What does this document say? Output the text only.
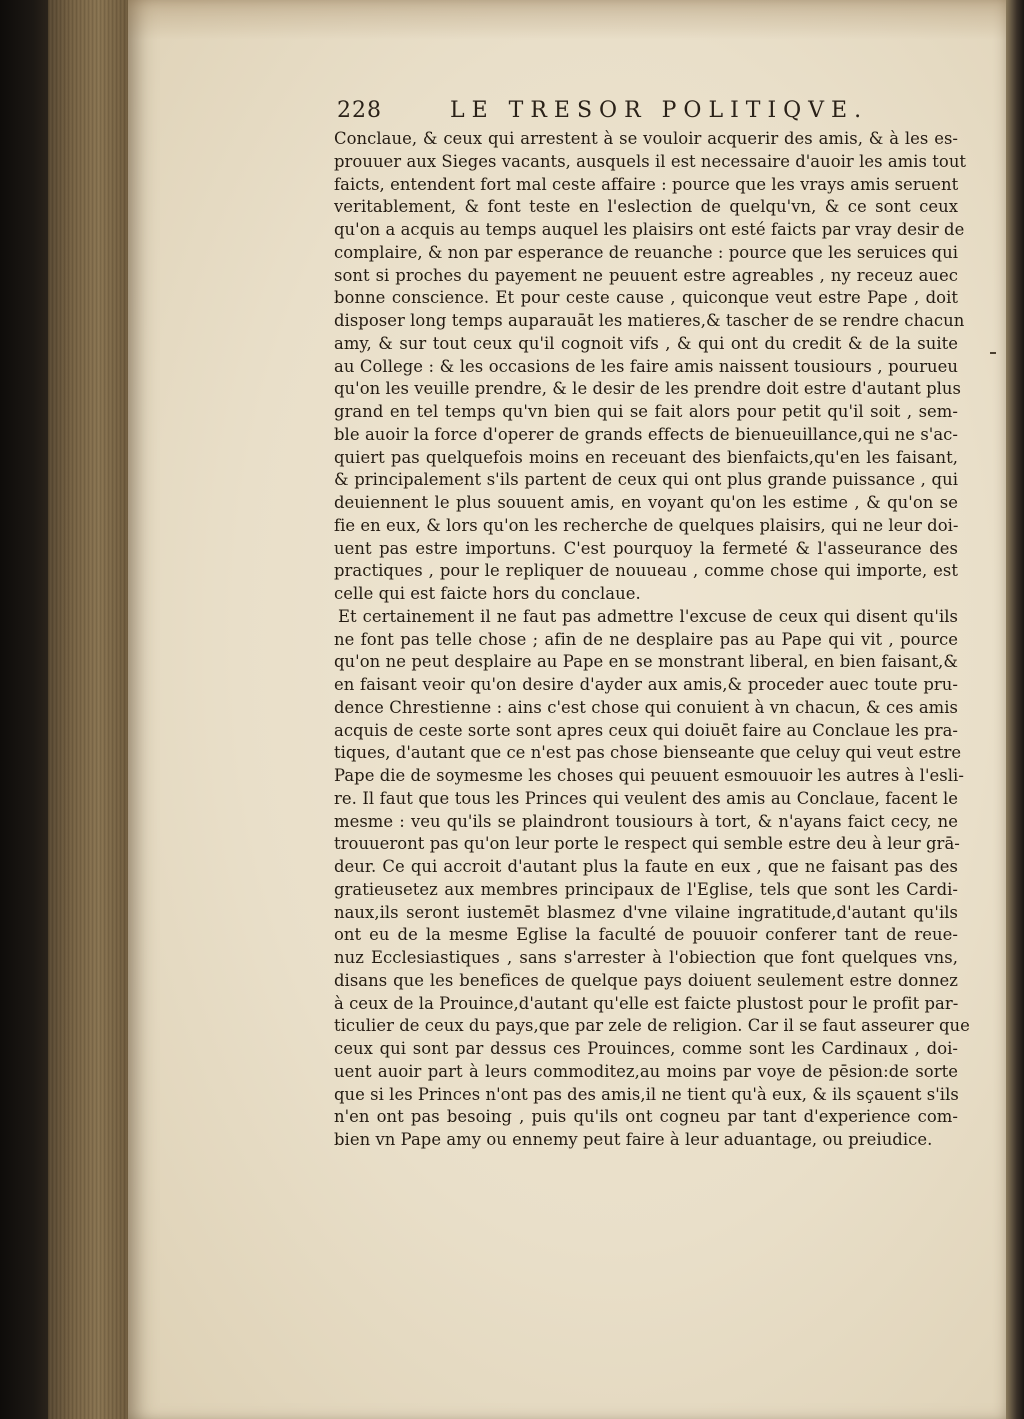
228	LE TRESOR POLITIQVE.
Conclaue, & ceux qui arrestent à se vouloir acquerir des amis, & à les es-
prouuer aux Sieges vacants, ausquels il est necessaire d'auoir les amis tout
faicts, entendent fort mal ceste affaire : pource que les vrays amis seruent
veritablement, & font teste en l'eslection de quelqu'vn, & ce sont ceux
qu'on a acquis au temps auquel les plaisirs ont esté faicts par vray desir de
complaire, & non par esperance de reuanche : pource que les seruices qui
sont si proches du payement ne peuuent estre agreables , ny receuz auec
bonne conscience. Et pour ceste cause , quiconque veut estre Pape , doit
disposer long temps auparauāt les matieres,& tascher de se rendre chacun
amy, & sur tout ceux qu'il cognoit vifs , & qui ont du credit & de la suite
au College : & les occasions de les faire amis naissent tousiours , pourueu
qu'on les veuille prendre, & le desir de les prendre doit estre d'autant plus
grand en tel temps qu'vn bien qui se fait alors pour petit qu'il soit , sem-
ble auoir la force d'operer de grands effects de bienueuillance,qui ne s'ac-
quiert pas quelquefois moins en receuant des bienfaicts,qu'en les faisant,
& principalement s'ils partent de ceux qui ont plus grande puissance , qui
deuiennent le plus souuent amis, en voyant qu'on les estime , & qu'on se
fie en eux, & lors qu'on les recherche de quelques plaisirs, qui ne leur doi-
uent pas estre importuns. C'est pourquoy la fermeté & l'asseurance des
practiques , pour le repliquer de nouueau , comme chose qui importe, est
celle qui est faicte hors du conclaue.
Et certainement il ne faut pas admettre l'excuse de ceux qui disent qu'ils
ne font pas telle chose ; afin de ne desplaire pas au Pape qui vit , pource
qu'on ne peut desplaire au Pape en se monstrant liberal, en bien faisant,&
en faisant veoir qu'on desire d'ayder aux amis,& proceder auec toute pru-
dence Chrestienne : ains c'est chose qui conuient à vn chacun, & ces amis
acquis de ceste sorte sont apres ceux qui doiuēt faire au Conclaue les pra-
tiques, d'autant que ce n'est pas chose bienseante que celuy qui veut estre
Pape die de soymesme les choses qui peuuent esmouuoir les autres à l'esli-
re. Il faut que tous les Princes qui veulent des amis au Conclaue, facent le
mesme : veu qu'ils se plaindront tousiours à tort, & n'ayans faict cecy, ne
trouueront pas qu'on leur porte le respect qui semble estre deu à leur grā-
deur. Ce qui accroit d'autant plus la faute en eux , que ne faisant pas des
gratieusetez aux membres principaux de l'Eglise, tels que sont les Cardi-
naux,ils seront iustemēt blasmez d'vne vilaine ingratitude,d'autant qu'ils
ont eu de la mesme Eglise la faculté de pouuoir conferer tant de reue-
nuz Ecclesiastiques , sans s'arrester à l'obiection que font quelques vns,
disans que les benefices de quelque pays doiuent seulement estre donnez
à ceux de la Prouince,d'autant qu'elle est faicte plustost pour le profit par-
ticulier de ceux du pays,que par zele de religion. Car il se faut asseurer que
ceux qui sont par dessus ces Prouinces, comme sont les Cardinaux , doi-
uent auoir part à leurs commoditez,au moins par voye de pēsion:de sorte
que si les Princes n'ont pas des amis,il ne tient qu'à eux, & ils sçauent s'ils
n'en ont pas besoing , puis qu'ils ont cogneu par tant d'experience com-
bien vn Pape amy ou ennemy peut faire à leur aduantage, ou preiudice.
